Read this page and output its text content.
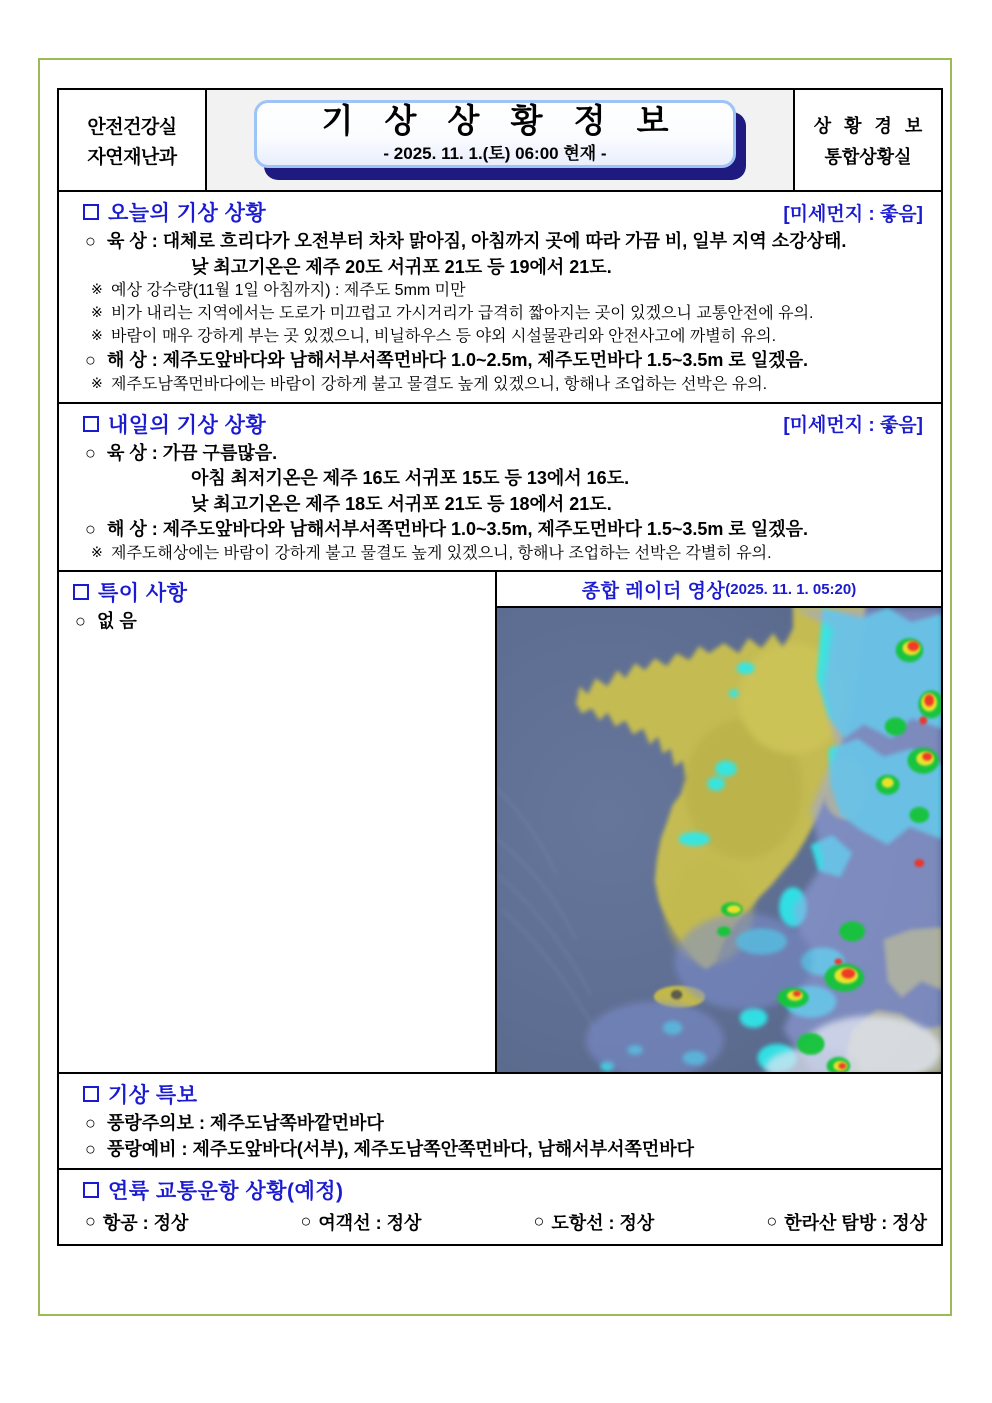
안전건강실
자연재난과
기 상 상 황 정 보
- 2025. 11. 1.(토) 06:00 현재 -
상 황 경 보
통합상황실
오늘의 기상 상황	[미세먼지 : 좋음]
○ 육 상 : 대체로 흐리다가 오전부터 차차 맑아짐, 아침까지 곳에 따라 가끔 비, 일부 지역 소강상태.
낮 최고기온은 제주 20도 서귀포 21도 등 19에서 21도.
※ 예상 강수량(11월 1일 아침까지) : 제주도 5mm 미만
※ 비가 내리는 지역에서는 도로가 미끄럽고 가시거리가 급격히 짧아지는 곳이 있겠으니 교통안전에 유의.
※ 바람이 매우 강하게 부는 곳 있겠으니, 비닐하우스 등 야외 시설물관리와 안전사고에 까별히 유의.
○ 해 상 : 제주도앞바다와 남해서부서쪽먼바다 1.0~2.5m, 제주도먼바다 1.5~3.5m 로 일겠음.
※ 제주도남쪽먼바다에는 바람이 강하게 불고 물결도 높게 있겠으니, 항해나 조업하는 선박은 유의.
내일의 기상 상황	[미세먼지 : 좋음]
○ 육 상 : 가끔 구름많음.
아침 최저기온은 제주 16도 서귀포 15도 등 13에서 16도.
낮 최고기온은 제주 18도 서귀포 21도 등 18에서 21도.
○ 해 상 : 제주도앞바다와 남해서부서쪽먼바다 1.0~3.5m, 제주도먼바다 1.5~3.5m 로 일겠음.
※ 제주도해상에는 바람이 강하게 불고 물결도 높게 있겠으니, 항해나 조업하는 선박은 각별히 유의.
특이 사항
○ 없 음
종합 레이더 영상 (2025. 11. 1. 05:20)
기상 특보
○ 풍랑주의보 : 제주도남쪽바깥먼바다
○ 풍랑예비 : 제주도앞바다(서부), 제주도남쪽안쪽먼바다, 남해서부서쪽먼바다
연륙 교통운항 상황(예정)
○ 항공 : 정상	○ 여객선 : 정상	○ 도항선 : 정상	○ 한라산 탐방 : 정상
